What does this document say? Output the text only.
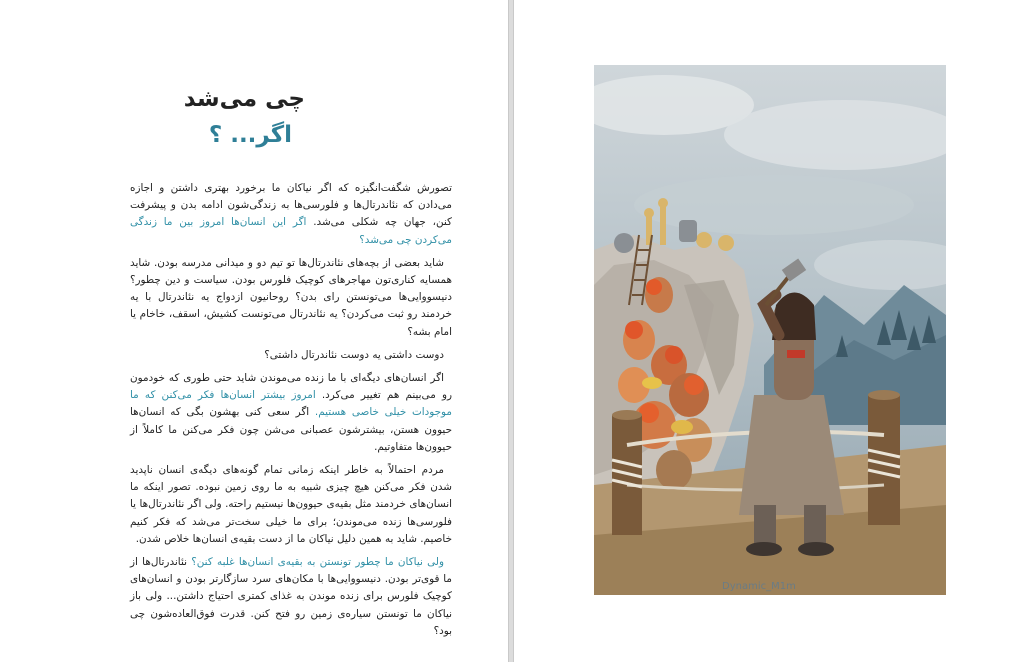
چی می‌شد
اگر... ؟

تصورش شگفت‌انگیزه که اگر نیاکان ما برخورد بهتری داشتن و اجازه می‌دادن که نئاندرتال‌ها و فلورسی‌ها به زندگی‌شون ادامه بدن و پیشرفت کنن، جهان چه شکلی می‌شد. اگر این انسان‌ها امروز بین ما زندگی می‌کردن چی می‌شد؟

شاید بعضی از بچه‌های نئاندرتال‌ها تو تیم دو و میدانی مدرسه بودن. شاید همسایه کناری‌تون مهاجرهای کوچیک فلورس بودن. سیاست و دین چطور؟ دنیسووایی‌ها می‌تونستن رای بدن؟ روحانیون ازدواج یه نئاندرتال با یه خردمند رو ثبت می‌کردن؟ یه نئاندرتال می‌تونست کشیش، اسقف، خاخام یا امام بشه؟

دوست داشتی یه دوست نئاندرتال داشتی؟

اگر انسان‌های دیگه‌ای با ما زنده می‌موندن شاید حتی طوری که خودمون رو می‌بینم هم تغییر می‌کرد. امروز بیشتر انسان‌ها فکر می‌کنن که ما موجودات خیلی خاصی هستیم. اگر سعی کنی بهشون بگی که انسان‌ها حیوون هستن، بیشترشون عصبانی می‌شن چون فکر می‌کنن ما کاملاً از حیوون‌ها متفاوتیم.

مردم احتمالاً به خاطر اینکه زمانی تمام گونه‌های دیگه‌ی انسان ناپدید شدن فکر می‌کنن هیچ چیزی شبیه به ما روی زمین نبوده. تصور اینکه ما انسان‌های خردمند مثل بقیه‌ی حیوون‌ها نیستیم راحته. ولی اگر نئاندرتال‌ها یا فلورسی‌ها زنده می‌موندن؛ برای ما خیلی سخت‌تر می‌شد که فکر کنیم خاصیم. شاید به همین دلیل نیاکان ما از دست بقیه‌ی انسان‌ها خلاص شدن.

ولی نیاکان ما چطور تونستن به بقیه‌ی انسان‌ها غلبه کنن؟ نئاندرتال‌ها از ما قوی‌تر بودن. دنیسووایی‌ها با مکان‌های سرد سازگارتر بودن و انسان‌های کوچیک فلورس برای زنده موندن به غذای کمتری احتیاج داشتن... ولی باز نیاکان ما تونستن سیاره‌ی زمین رو فتح کنن. قدرت فوق‌العاده‌شون چی بود؟

Dynamic_M1m
